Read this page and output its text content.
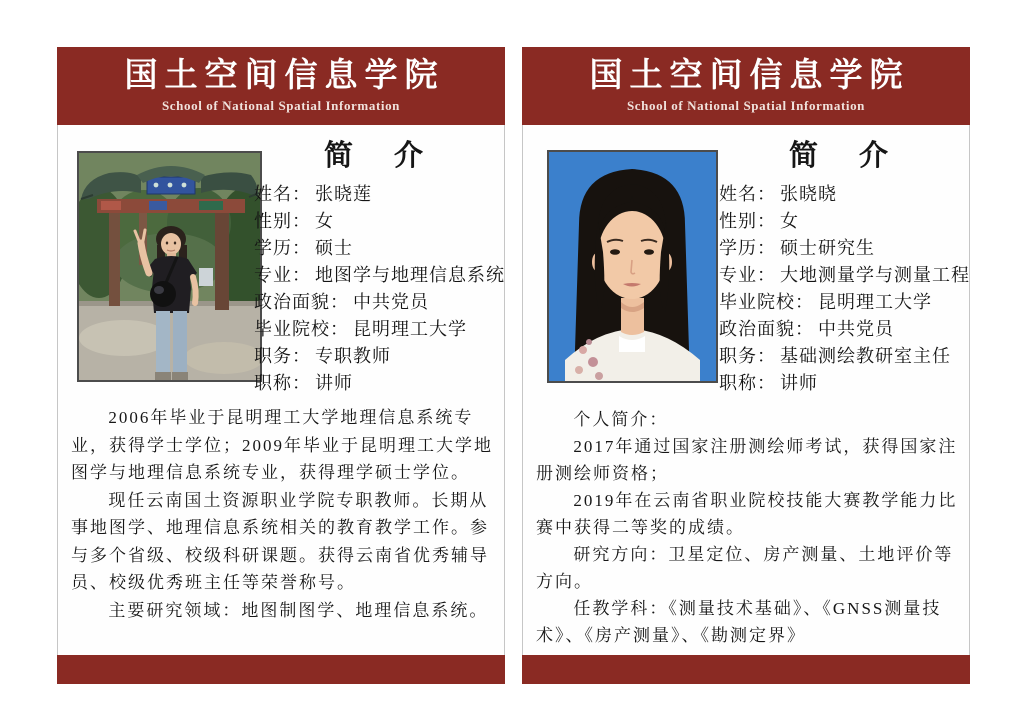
国土空间信息学院
School of National Spatial Information
简　介
姓名： 张晓莲
性别： 女
学历： 硕士
专业： 地图学与地理信息系统
政治面貌： 中共党员
毕业院校： 昆明理工大学
职务： 专职教师
职称： 讲师

2006年毕业于昆明理工大学地理信息系统专业，获得学士学位；2009年毕业于昆明理工大学地图学与地理信息系统专业，获得理学硕士学位。

现任云南国土资源职业学院专职教师。长期从事地图学、地理信息系统相关的教育教学工作。参与多个省级、校级科研课题。获得云南省优秀辅导员、校级优秀班主任等荣誉称号。

主要研究领域：地图制图学、地理信息系统。

国土空间信息学院
School of National Spatial Information
简　介
姓名： 张晓晓
性别： 女
学历： 硕士研究生
专业： 大地测量学与测量工程
毕业院校： 昆明理工大学
政治面貌： 中共党员
职务： 基础测绘教研室主任
职称： 讲师

个人简介：

2017年通过国家注册测绘师考试，获得国家注册测绘师资格；

2019年在云南省职业院校技能大赛教学能力比赛中获得二等奖的成绩。

研究方向：卫星定位、房产测量、土地评价等方向。

任教学科：《测量技术基础》、《GNSS测量技术》、《房产测量》、《勘测定界》
